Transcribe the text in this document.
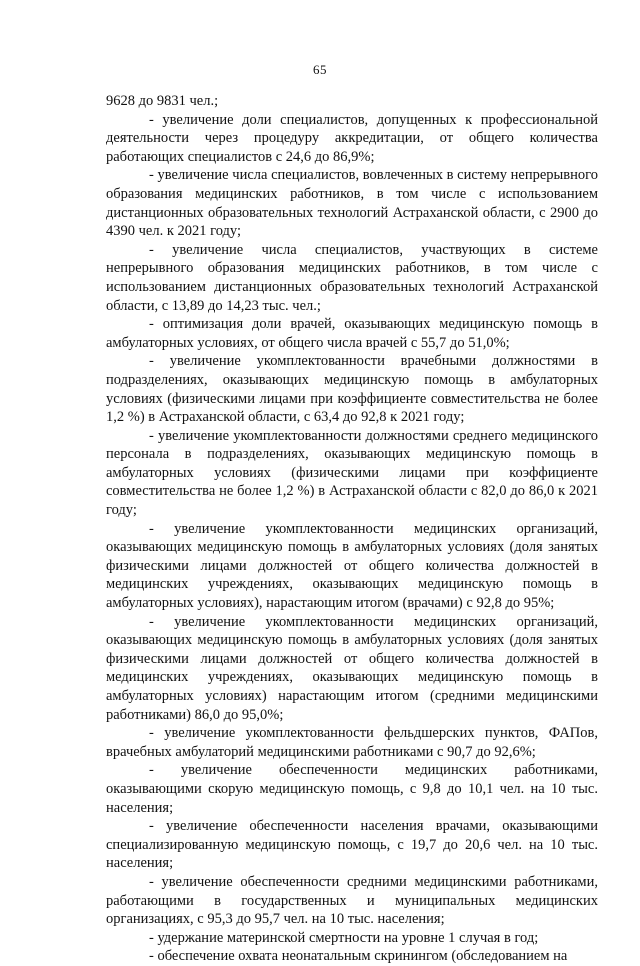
65

9628 до 9831 чел.;

- увеличение доли специалистов, допущенных к профессиональной деятельности через процедуру аккредитации, от общего количества работающих специалистов с 24,6 до 86,9%;

- увеличение числа специалистов, вовлеченных в систему непрерывного образования медицинских работников, в том числе с использованием дистанционных образовательных технологий Астраханской области, с 2900 до 4390 чел. к 2021 году;

- увеличение числа специалистов, участвующих в системе непрерывного образования медицинских работников, в том числе с использованием дистанционных образовательных технологий Астраханской области, с 13,89 до 14,23 тыс. чел.;

- оптимизация доли врачей, оказывающих медицинскую помощь в амбулаторных условиях, от общего числа врачей с 55,7 до 51,0%;

- увеличение укомплектованности врачебными должностями в подразделениях, оказывающих медицинскую помощь в амбулаторных условиях (физическими лицами при коэффициенте совместительства не более 1,2 %) в Астраханской области, с 63,4 до 92,8 к 2021 году;

- увеличение укомплектованности должностями среднего медицинского персонала в подразделениях, оказывающих медицинскую помощь в амбулаторных условиях (физическими лицами при коэффициенте совместительства не более 1,2 %) в Астраханской области с 82,0 до 86,0 к 2021 году;

- увеличение укомплектованности медицинских организаций, оказывающих медицинскую помощь в амбулаторных условиях (доля занятых физическими лицами должностей от общего количества должностей в медицинских учреждениях, оказывающих медицинскую помощь в амбулаторных условиях), нарастающим итогом (врачами) с 92,8 до 95%;

- увеличение укомплектованности медицинских организаций, оказывающих медицинскую помощь в амбулаторных условиях (доля занятых физическими лицами должностей от общего количества должностей в медицинских учреждениях, оказывающих медицинскую помощь в амбулаторных условиях) нарастающим итогом (средними медицинскими работниками) 86,0 до 95,0%;

- увеличение укомплектованности фельдшерских пунктов, ФАПов, врачебных амбулаторий медицинскими работниками с 90,7 до 92,6%;

- увеличение обеспеченности медицинских работниками, оказывающими скорую медицинскую помощь, с 9,8 до 10,1 чел. на 10 тыс. населения;

- увеличение обеспеченности населения врачами, оказывающими специализированную медицинскую помощь, с 19,7 до 20,6 чел. на 10 тыс. населения;

- увеличение обеспеченности средними медицинскими работниками, работающими в государственных и муниципальных медицинских организациях, с 95,3 до 95,7 чел. на 10 тыс. населения;

- удержание материнской смертности на уровне 1 случая в год;

- обеспечение охвата неонатальным скринингом (обследованием на
